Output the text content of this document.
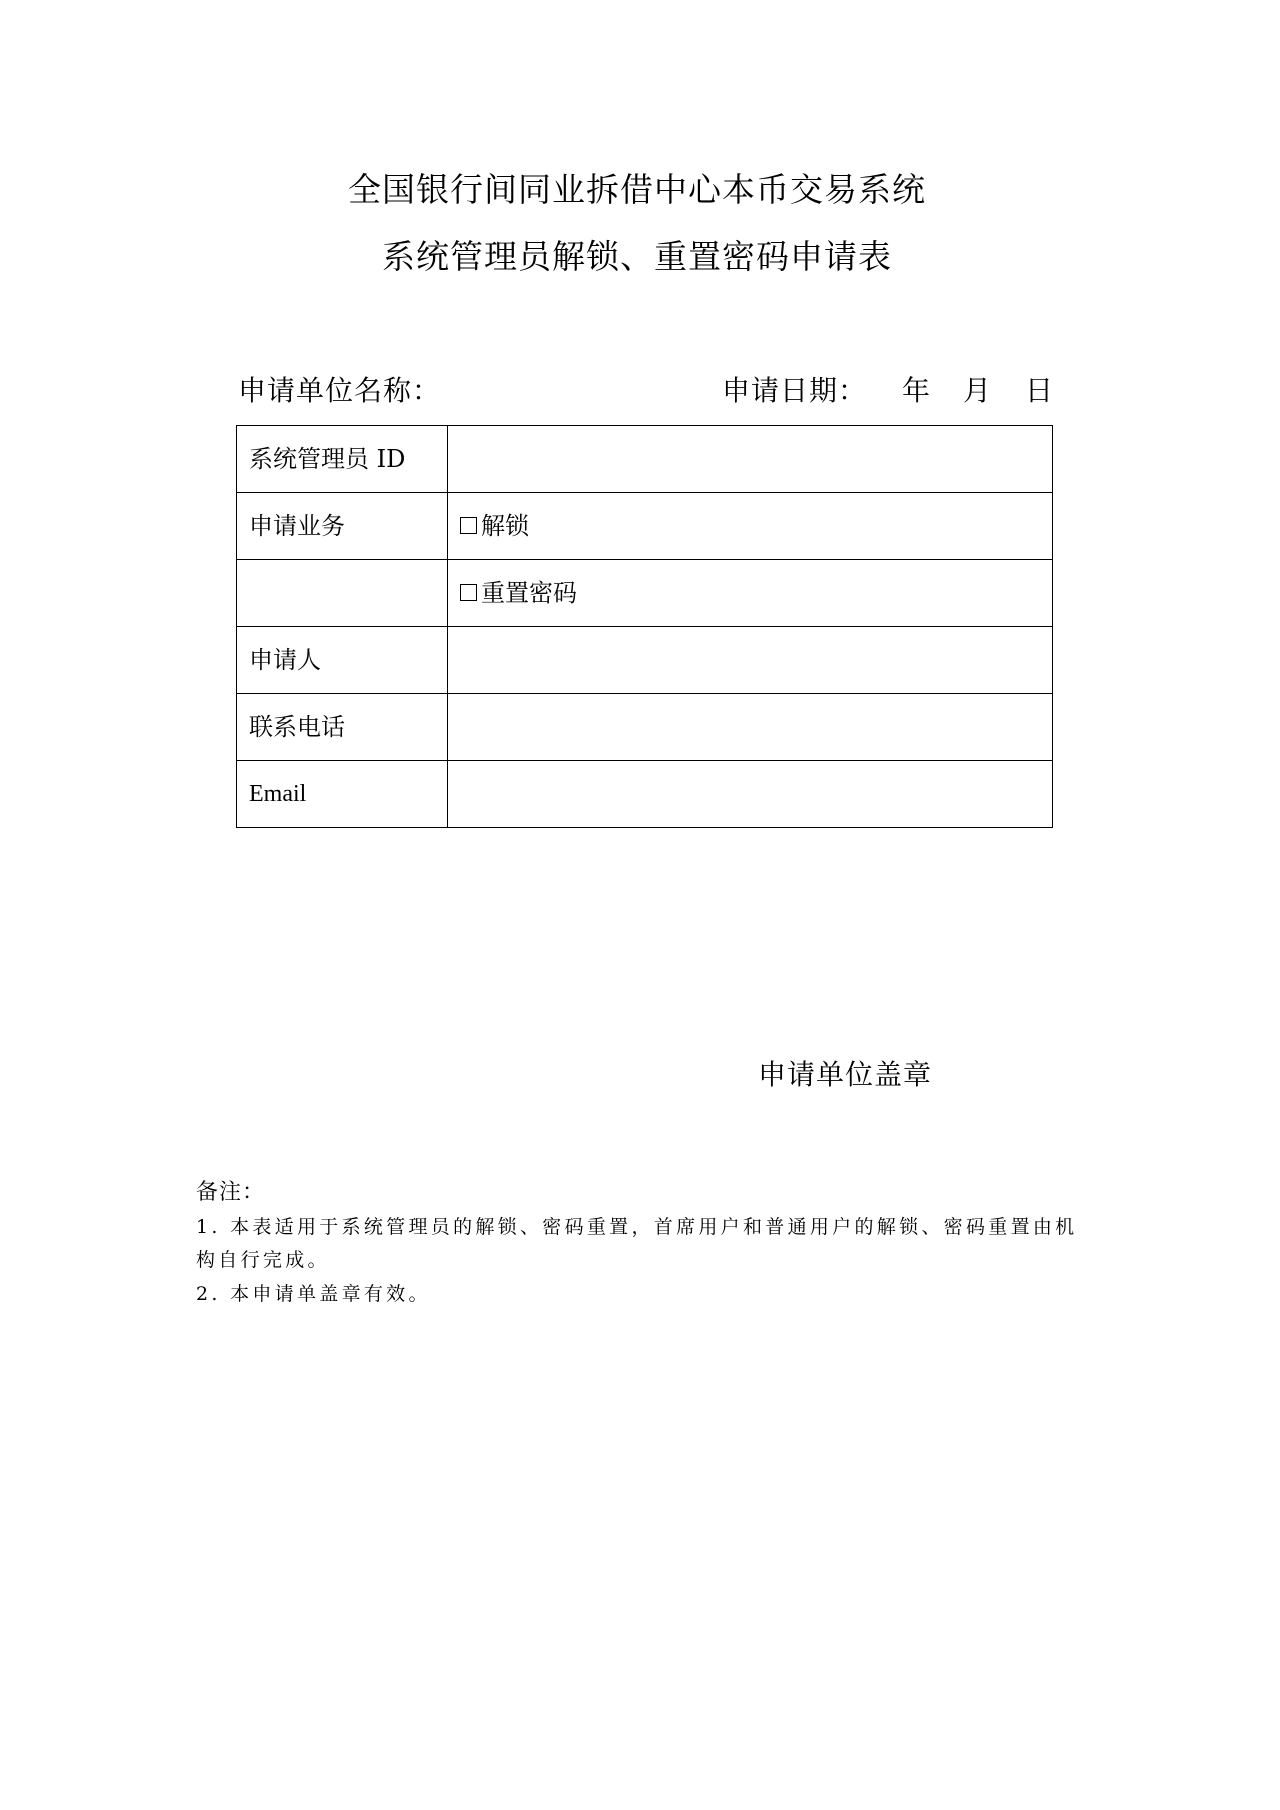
全国银行间同业拆借中心本币交易系统
系统管理员解锁、重置密码申请表
申请单位名称：	申请日期： 年 月 日
系统管理员 ID	
申请业务	解锁

	重置密码

申请人	
联系电话	
Email	
申请单位盖章
备注：
1. 本表适用于系统管理员的解锁、密码重置，首席用户和普通用户的解锁、密码重置由机
构自行完成。
2. 本申请单盖章有效。
